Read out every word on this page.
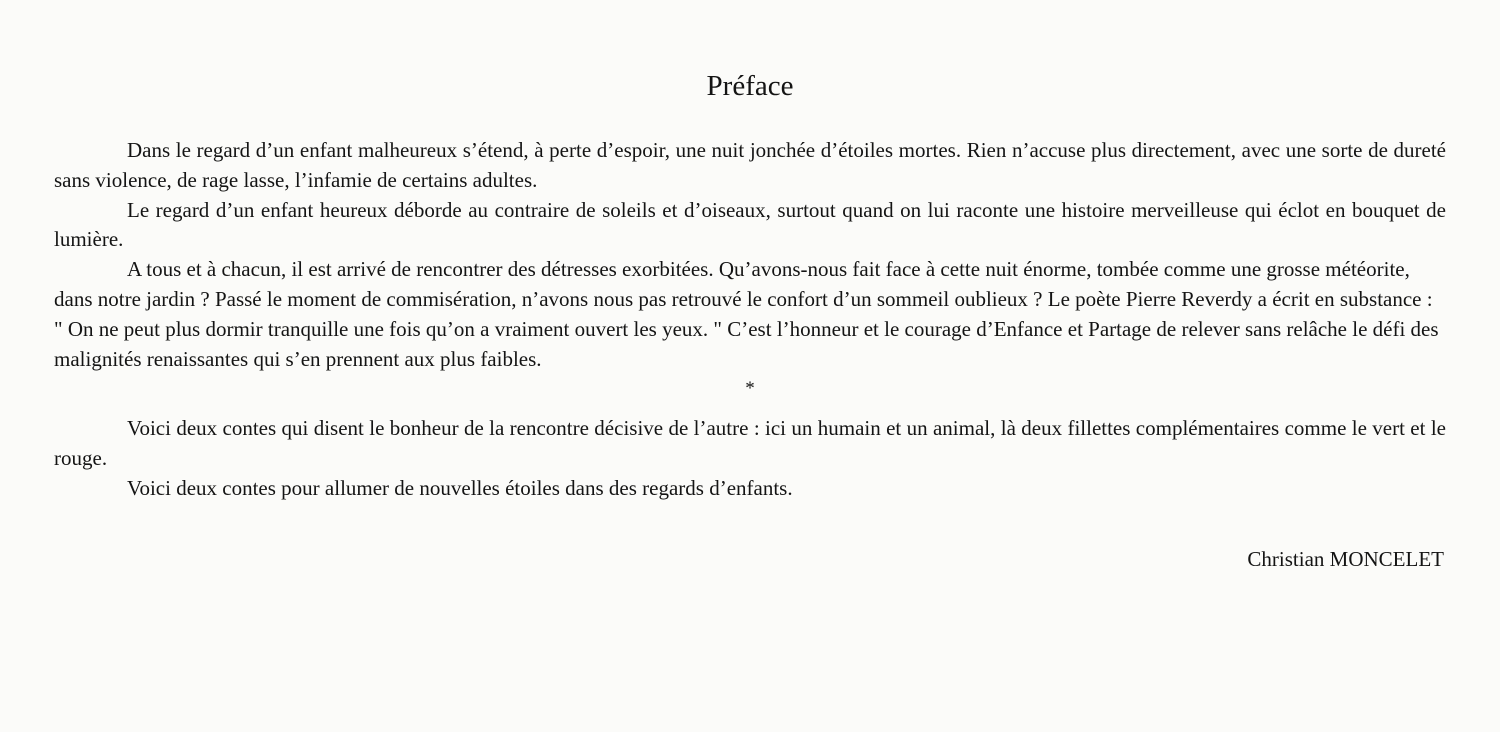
Préface

Dans le regard d’un enfant malheureux s’étend, à perte d’espoir, une nuit jonchée d’étoiles mortes. Rien n’accuse plus directement, avec une sorte de dureté sans violence, de rage lasse, l’infamie de certains adultes.

Le regard d’un enfant heureux déborde au contraire de soleils et d’oiseaux, surtout quand on lui raconte une histoire merveilleuse qui éclot en bouquet de lumière.

A tous et à chacun, il est arrivé de rencontrer des détresses exorbitées. Qu’avons-nous fait face à cette nuit énorme, tombée comme une grosse météorite, dans notre jardin ? Passé le moment de commisération, n’avons nous pas retrouvé le confort d’un sommeil oublieux ? Le poète Pierre Reverdy a écrit en substance : " On ne peut plus dormir tranquille une fois qu’on a vraiment ouvert les yeux. " C’est l’honneur et le courage d’Enfance et Partage de relever sans relâche le défi des malignités renaissantes qui s’en prennent aux plus faibles.

*

Voici deux contes qui disent le bonheur de la rencontre décisive de l’autre : ici un humain et un animal, là deux fillettes complémentaires comme le vert et le rouge.

Voici deux contes pour allumer de nouvelles étoiles dans des regards d’enfants.

Christian MONCELET
